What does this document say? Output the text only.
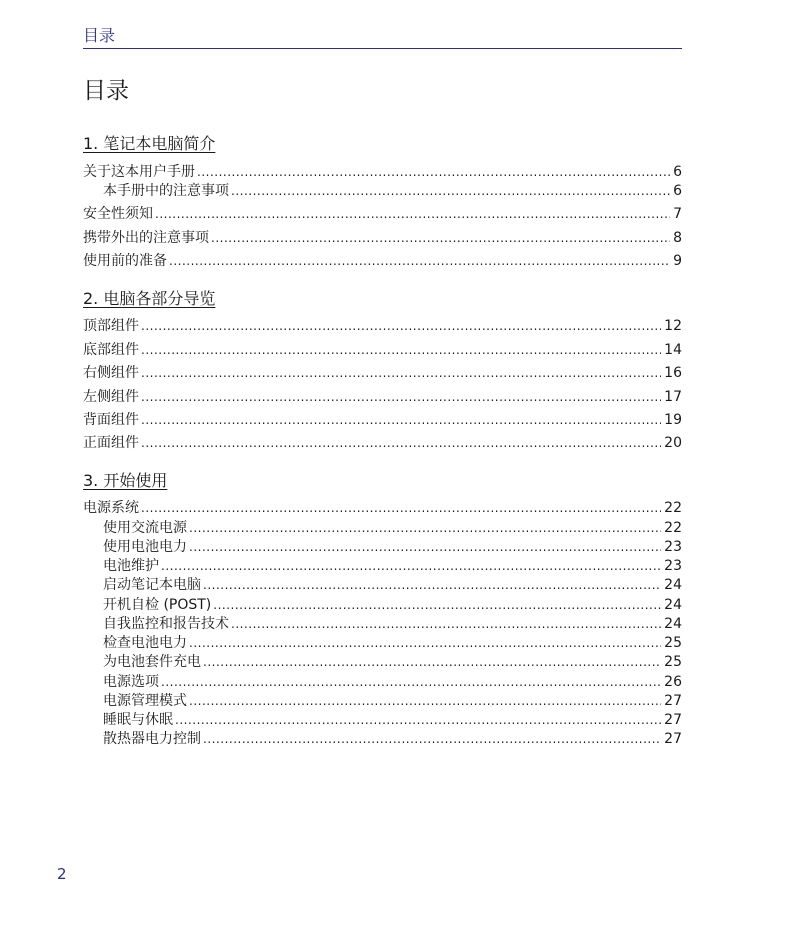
目录
目录
1. 笔记本电脑简介
关于这本用户手册 .....	6
本手册中的注意事项 .....	6
安全性须知 .....	7
携带外出的注意事项 .....	8
使用前的准备 .....	9
2. 电脑各部分导览
顶部组件 .....	12
底部组件 .....	14
右侧组件 .....	16
左侧组件 .....	17
背面组件 .....	19
正面组件 .....	20
3. 开始使用
电源系统 .....	22
使用交流电源 .....	22
使用电池电力 .....	23
电池维护 .....	23
启动笔记本电脑 .....	24
开机自检 (POST) .....	24
自我监控和报告技术 .....	24
检查电池电力 .....	25
为电池套件充电 .....	25
电源选项 .....	26
电源管理模式 .....	27
睡眠与休眠 .....	27
散热器电力控制 .....	27
2
